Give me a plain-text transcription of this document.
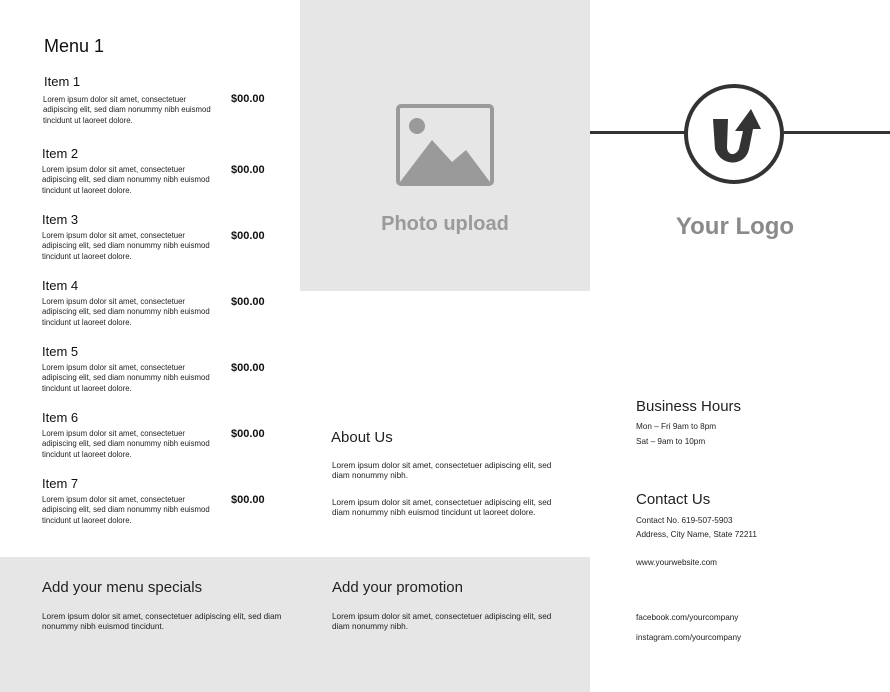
Menu 1
Item 1
Lorem ipsum dolor sit amet, consectetuer adipiscing elit, sed diam nonummy nibh euismod tincidunt ut laoreet dolore.
$00.00
Item 2
Lorem ipsum dolor sit amet, consectetuer adipiscing elit, sed diam nonummy nibh euismod tincidunt ut laoreet dolore.
$00.00
Item 3
Lorem ipsum dolor sit amet, consectetuer adipiscing elit, sed diam nonummy nibh euismod tincidunt ut laoreet dolore.
$00.00
Item 4
Lorem ipsum dolor sit amet, consectetuer adipiscing elit, sed diam nonummy nibh euismod tincidunt ut laoreet dolore.
$00.00
Item 5
Lorem ipsum dolor sit amet, consectetuer adipiscing elit, sed diam nonummy nibh euismod tincidunt ut laoreet dolore.
$00.00
Item 6
Lorem ipsum dolor sit amet, consectetuer adipiscing elit, sed diam nonummy nibh euismod tincidunt ut laoreet dolore.
$00.00
Item 7
Lorem ipsum dolor sit amet, consectetuer adipiscing elit, sed diam nonummy nibh euismod tincidunt ut laoreet dolore.
$00.00
Photo upload	Your Logo
About Us
Lorem ipsum dolor sit amet, consectetuer adipiscing elit, sed diam nonummy nibh.
Lorem ipsum dolor sit amet, consectetuer adipiscing elit, sed diam nonummy nibh euismod tincidunt ut laoreet dolore.
Add your menu specials
Lorem ipsum dolor sit amet, consectetuer adipiscing elit, sed diam nonummy nibh euismod tincidunt.
Add your promotion
Lorem ipsum dolor sit amet, consectetuer adipiscing elit, sed diam nonummy nibh.
Business Hours
Mon – Fri 9am to 8pm
Sat – 9am to 10pm
Contact Us
Contact No. 619-507-5903
Address, City Name, State 72211
www.yourwebsite.com
facebook.com/yourcompany
instagram.com/yourcompany
